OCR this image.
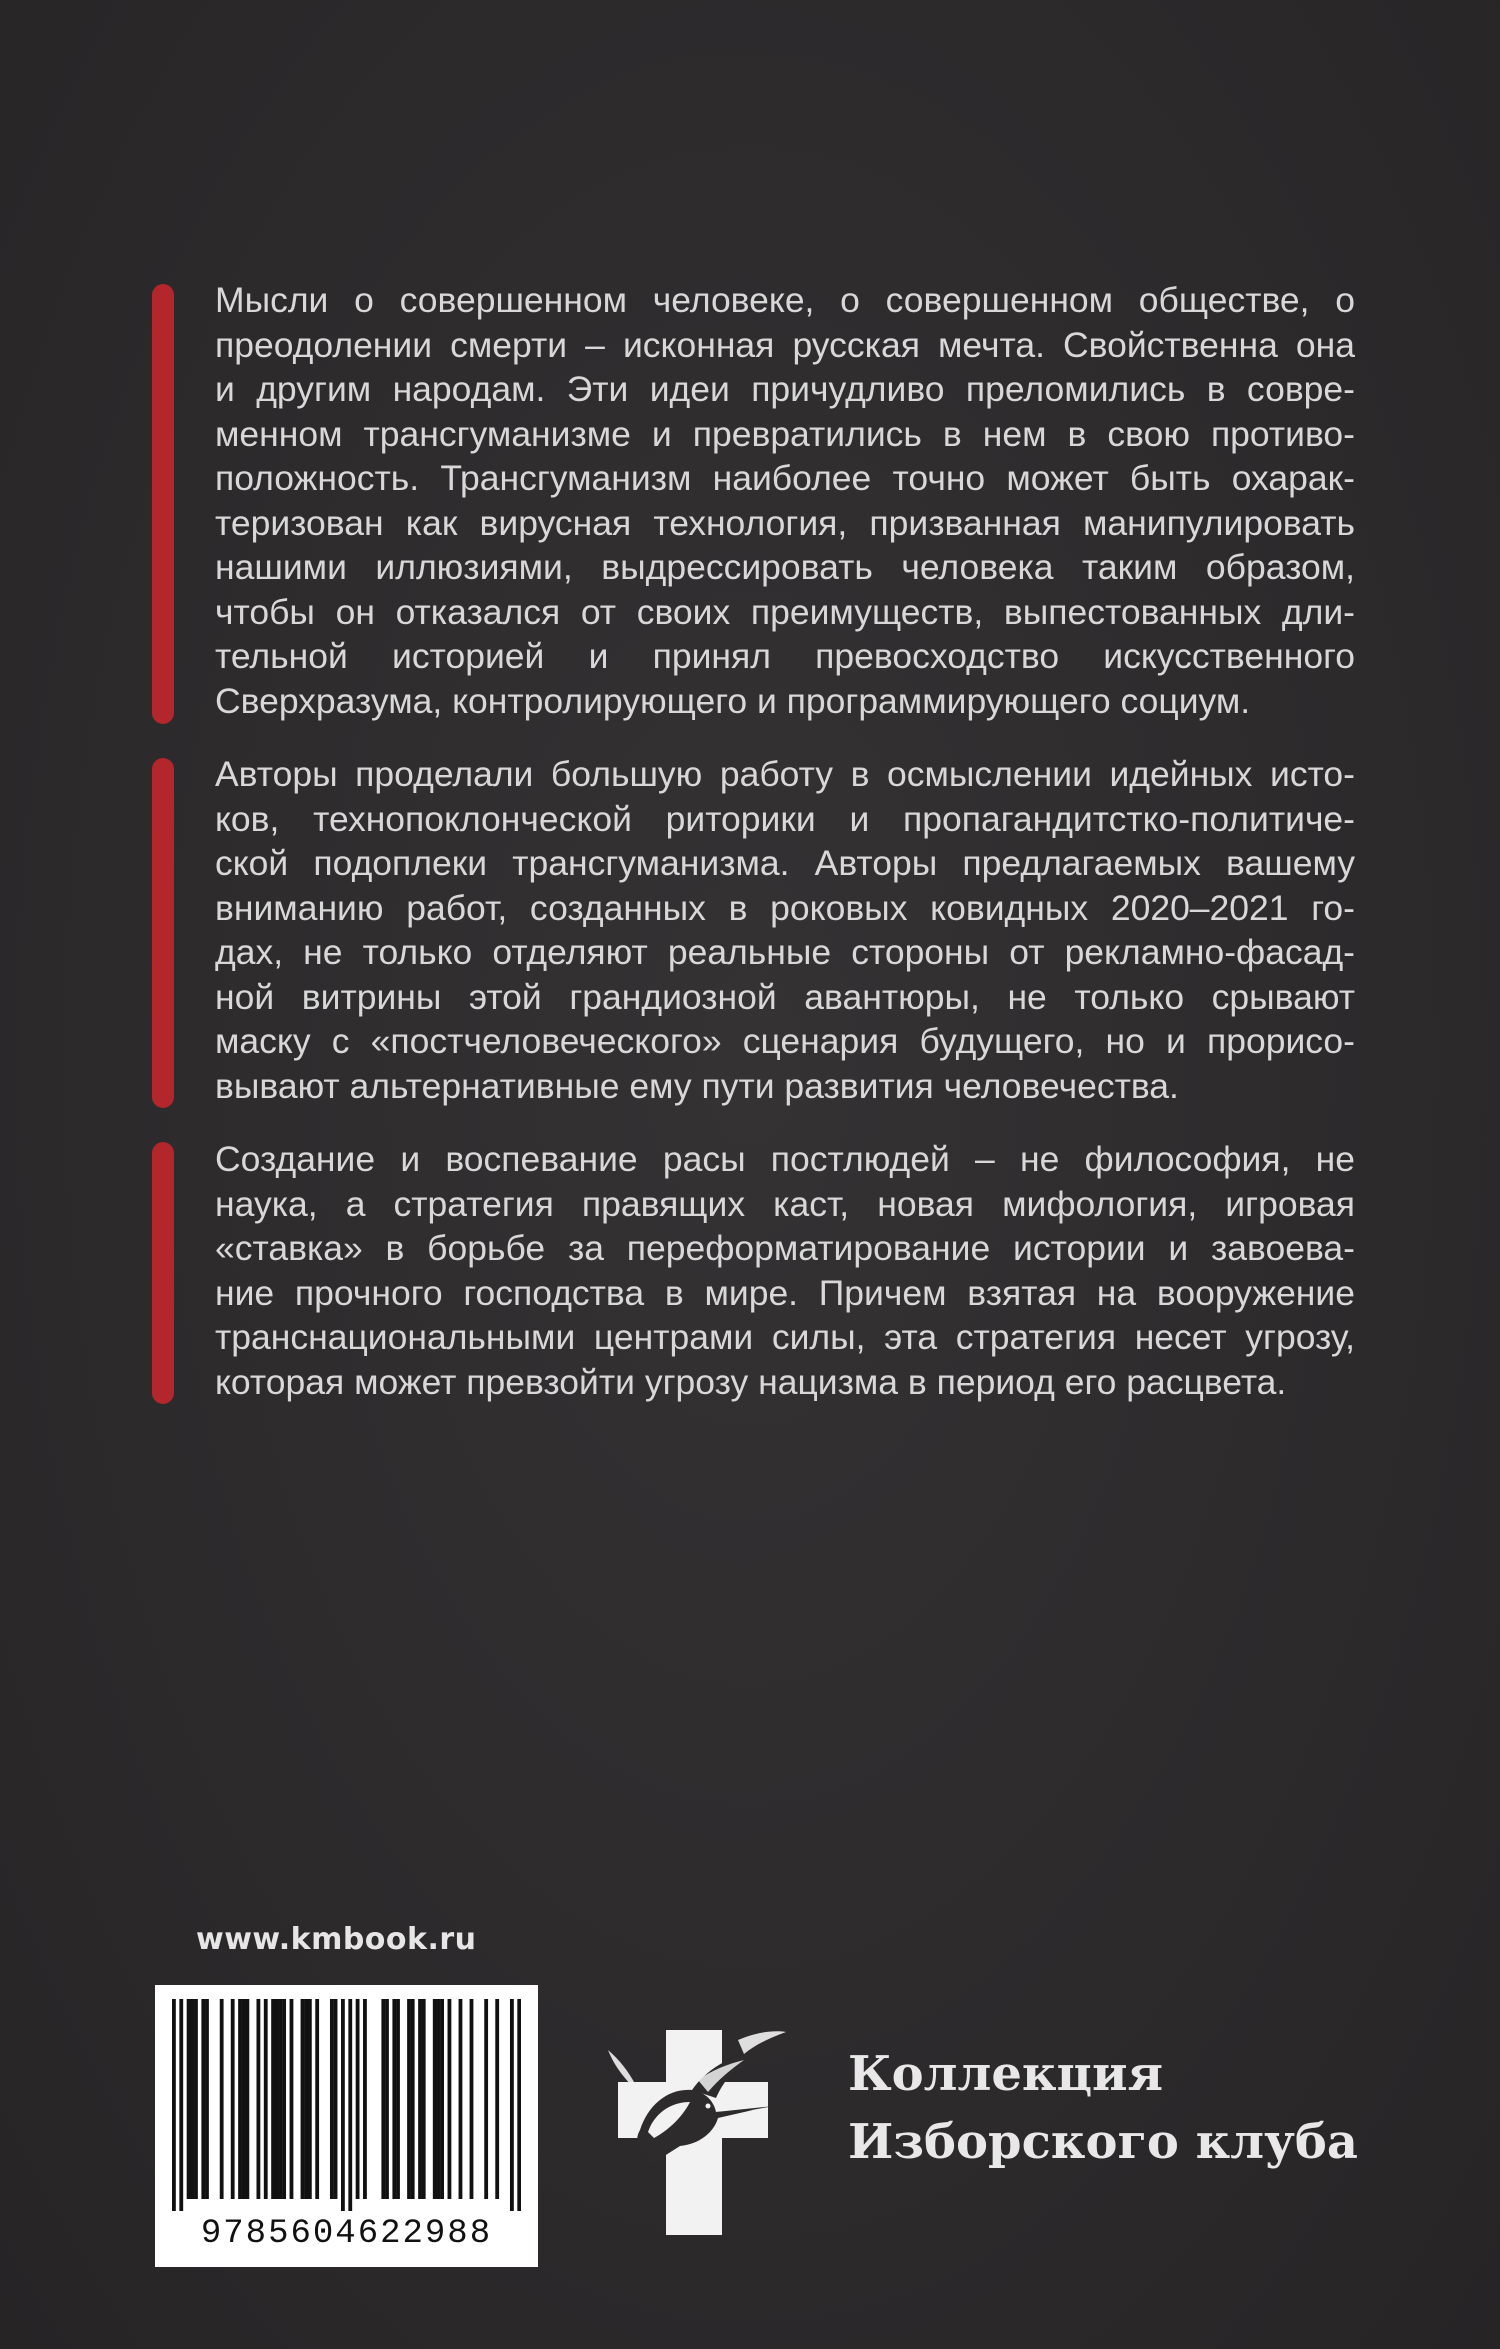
Мысли о совершенном человеке, о совершенном обществе, о
преодолении смерти – исконная русская мечта. Свойственна она
и другим народам. Эти идеи причудливо преломились в совре-
менном трансгуманизме и превратились в нем в свою противо-
положность. Трансгуманизм наиболее точно может быть охарак-
теризован как вирусная технология, призванная манипулировать
нашими иллюзиями, выдрессировать человека таким образом,
чтобы он отказался от своих преимуществ, выпестованных дли-
тельной историей и принял превосходство искусственного
Сверхразума, контролирующего и программирующего социум.
Авторы проделали большую работу в осмыслении идейных исто-
ков, технопоклонческой риторики и пропагандитстко-политиче-
ской подоплеки трансгуманизма. Авторы предлагаемых вашему
вниманию работ, созданных в роковых ковидных 2020–2021 го-
дах, не только отделяют реальные стороны от рекламно-фасад-
ной витрины этой грандиозной авантюры, не только срывают
маску с «постчеловеческого» сценария будущего, но и прорисо-
вывают альтернативные ему пути развития человечества.
Создание и воспевание расы постлюдей – не философия, не
наука, а стратегия правящих каст, новая мифология, игровая
«ставка» в борьбе за переформатирование истории и завоева-
ние прочного господства в мире. Причем взятая на вооружение
транснациональными центрами силы, эта стратегия несет угрозу,
которая может превзойти угрозу нацизма в период его расцвета.
www.kmbook.ru
9785604622988
Коллекция
Изборского клуба
